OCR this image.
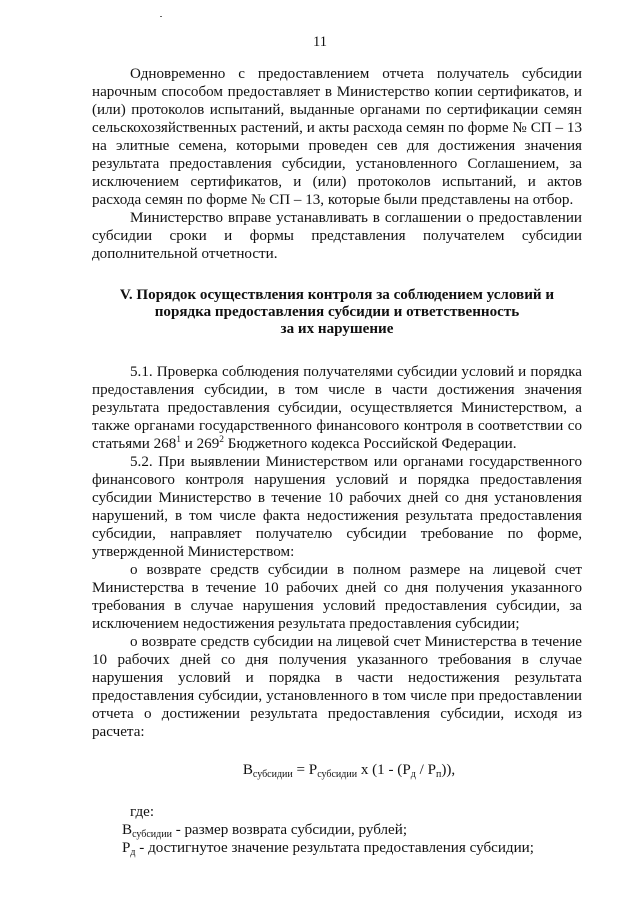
11

Одновременно с предоставлением отчета получатель субсидии нарочным способом предоставляет в Министерство копии сертификатов, и (или) протоколов испытаний, выданные органами по сертификации семян сельскохозяйственных растений, и акты расхода семян по форме № СП – 13 на элитные семена, которыми проведен сев для достижения значения результата предоставления субсидии, установленного Соглашением, за исключением сертификатов, и (или) протоколов испытаний, и актов расхода семян по форме № СП – 13, которые были представлены на отбор.

Министерство вправе устанавливать в соглашении о предоставлении субсидии сроки и формы представления получателем субсидии дополнительной отчетности.

V. Порядок осуществления контроля за соблюдением условий и
порядка предоставления субсидии и ответственность
за их нарушение

5.1. Проверка соблюдения получателями субсидии условий и порядка предоставления субсидии, в том числе в части достижения значения результата предоставления субсидии, осуществляется Министерством, а также органами государственного финансового контроля в соответствии со статьями $268^1$ и $269^2$ Бюджетного кодекса Российской Федерации.

5.2. При выявлении Министерством или органами государственного финансового контроля нарушения условий и порядка предоставления субсидии Министерство в течение 10 рабочих дней со дня установления нарушений, в том числе факта недостижения результата предоставления субсидии, направляет получателю субсидии требование по форме, утвержденной Министерством:

о возврате средств субсидии в полном размере на лицевой счет Министерства в течение 10 рабочих дней со дня получения указанного требования в случае нарушения условий предоставления субсидии, за исключением недостижения результата предоставления субсидии;

о возврате средств субсидии на лицевой счет Министерства в течение 10 рабочих дней со дня получения указанного требования в случае нарушения условий и порядка в части недостижения результата предоставления субсидии, установленного в том числе при предоставлении отчета о достижении результата предоставления субсидии, исходя из расчета:

$В_{субсидии} = Р_{субсидии}$ х $(1 - (Р_д / Р_п))$,

где:

$В_{субсидии}$ - размер возврата субсидии, рублей;
$Р_д$ - достигнутое значение результата предоставления субсидии;
